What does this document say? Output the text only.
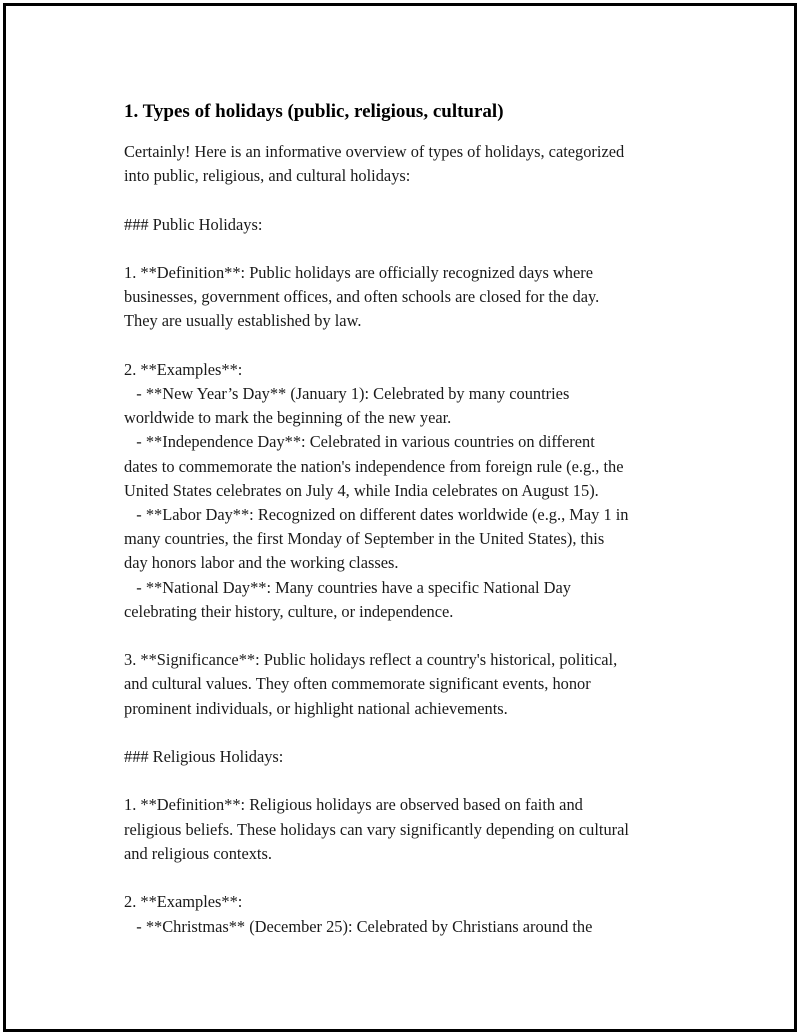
1. Types of holidays (public, religious, cultural)

Certainly! Here is an informative overview of types of holidays, categorized
into public, religious, and cultural holidays:

### Public Holidays:

1. **Definition**: Public holidays are officially recognized days where
businesses, government offices, and often schools are closed for the day.
They are usually established by law.

2. **Examples**:
- **New Year’s Day** (January 1): Celebrated by many countries
worldwide to mark the beginning of the new year.
- **Independence Day**: Celebrated in various countries on different
dates to commemorate the nation's independence from foreign rule (e.g., the
United States celebrates on July 4, while India celebrates on August 15).
- **Labor Day**: Recognized on different dates worldwide (e.g., May 1 in
many countries, the first Monday of September in the United States), this
day honors labor and the working classes.
- **National Day**: Many countries have a specific National Day
celebrating their history, culture, or independence.

3. **Significance**: Public holidays reflect a country's historical, political,
and cultural values. They often commemorate significant events, honor
prominent individuals, or highlight national achievements.

### Religious Holidays:

1. **Definition**: Religious holidays are observed based on faith and
religious beliefs. These holidays can vary significantly depending on cultural
and religious contexts.

2. **Examples**:
- **Christmas** (December 25): Celebrated by Christians around the
